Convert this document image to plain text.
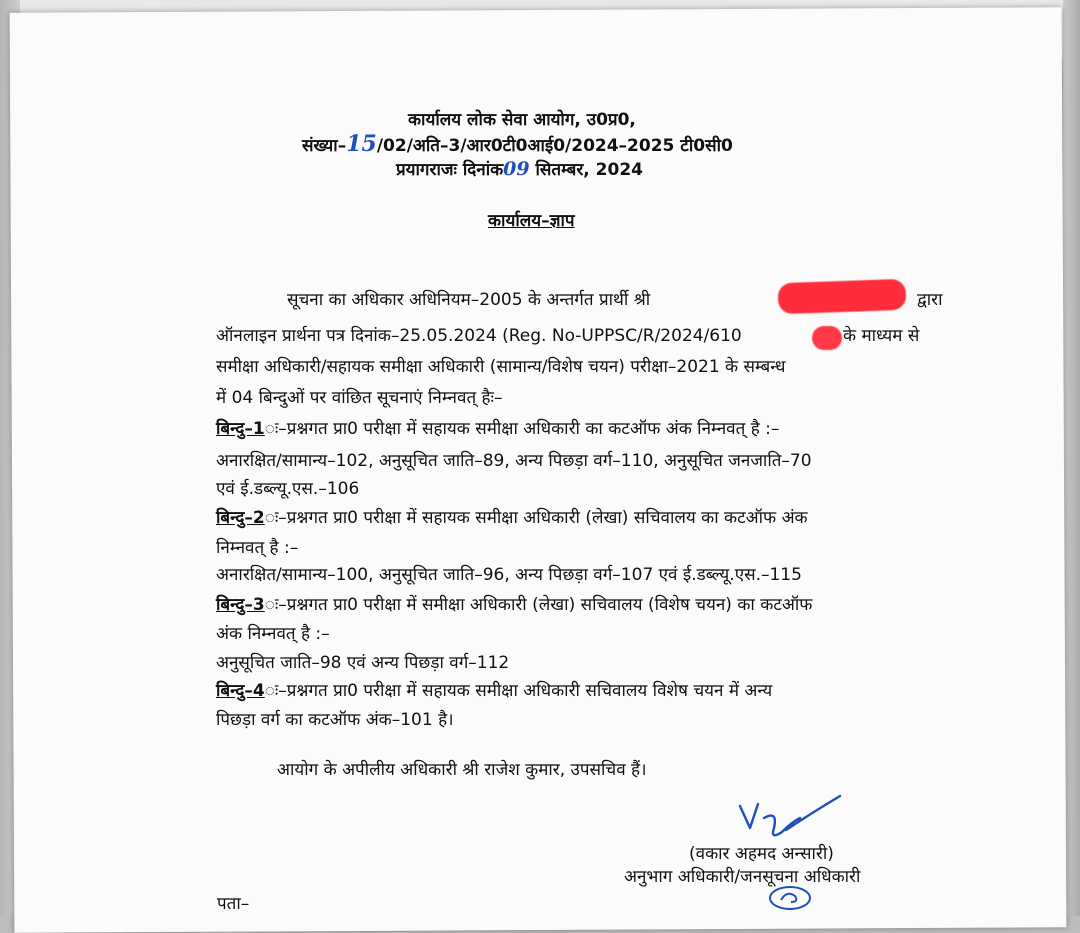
कार्यालय लोक सेवा आयोग, उ0प्र0,
संख्या–15/02/अति–3/आर0टी0आई0/2024–2025 टी0सी0
प्रयागराजः दिनांक09 सितम्बर, 2024
कार्यालय–ज्ञाप
सूचना का अधिकार अधिनियम–2005 के अन्तर्गत प्रार्थी श्री	द्वारा
ऑनलाइन प्रार्थना पत्र दिनांक–25.05.2024 (Reg. No-UPPSC/R/2024/610	के माध्यम से
समीक्षा अधिकारी/सहायक समीक्षा अधिकारी (सामान्य/विशेष चयन) परीक्षा–2021 के सम्बन्ध
में 04 बिन्दुओं पर वांछित सूचनाएं निम्नवत् हैः–
बिन्दु–1ः–प्रश्नगत प्रा0 परीक्षा में सहायक समीक्षा अधिकारी का कटऑफ अंक निम्नवत् है :–
अनारक्षित/सामान्य–102, अनुसूचित जाति–89, अन्य पिछड़ा वर्ग–110, अनुसूचित जनजाति–70
एवं ई.डब्ल्यू.एस.–106
बिन्दु–2ः–प्रश्नगत प्रा0 परीक्षा में सहायक समीक्षा अधिकारी (लेखा) सचिवालय का कटऑफ अंक
निम्नवत् है :–
अनारक्षित/सामान्य–100, अनुसूचित जाति–96, अन्य पिछड़ा वर्ग–107 एवं ई.डब्ल्यू.एस.–115
बिन्दु–3ः–प्रश्नगत प्रा0 परीक्षा में समीक्षा अधिकारी (लेखा) सचिवालय (विशेष चयन) का कटऑफ
अंक निम्नवत् है :–
अनुसूचित जाति–98 एवं अन्य पिछड़ा वर्ग–112
बिन्दु–4ः–प्रश्नगत प्रा0 परीक्षा में सहायक समीक्षा अधिकारी सचिवालय विशेष चयन में अन्य
पिछड़ा वर्ग का कटऑफ अंक–101 है।
आयोग के अपीलीय अधिकारी श्री राजेश कुमार, उपसचिव हैं।
(वकार अहमद अन्सारी)
अनुभाग अधिकारी/जनसूचना अधिकारी
पता–
